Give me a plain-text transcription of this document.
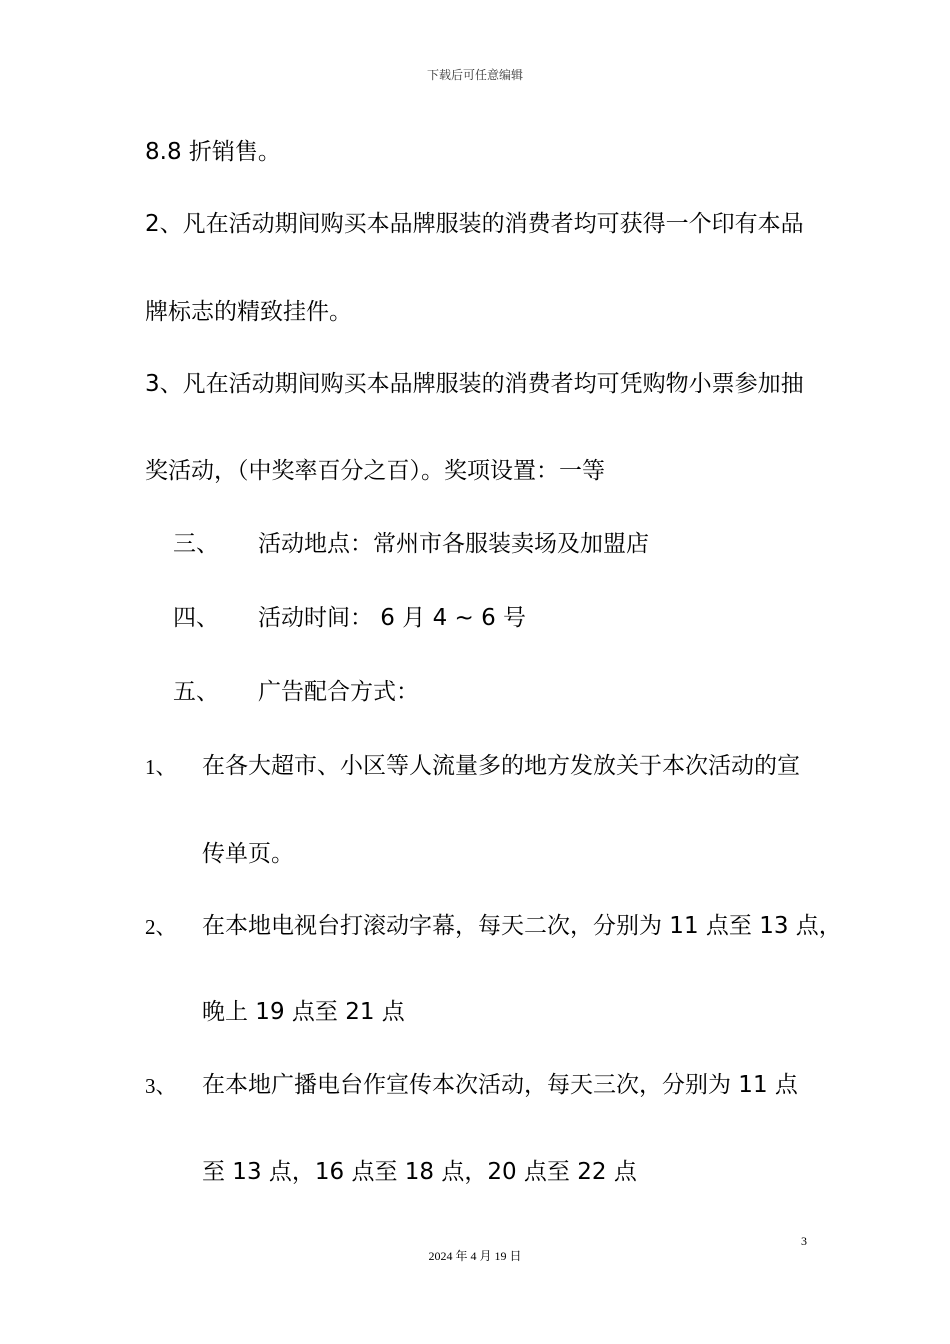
下载后可任意编辑
8.8 折销售。
2、凡在活动期间购买本品牌服装的消费者均可获得一个印有本品
牌标志的精致挂件。
3、凡在活动期间购买本品牌服装的消费者均可凭购物小票参加抽
奖活动，（中奖率百分之百）。奖项设置：一等
三、 活动地点：常州市各服装卖场及加盟店
四、 活动时间： 6 月 4 ~ 6 号
五、 广告配合方式：
1、 在各大超市、小区等人流量多的地方发放关于本次活动的宣
传单页。
2、 在本地电视台打滚动字幕，每天二次，分别为 11 点至 13 点，
晚上 19 点至 21 点
3、 在本地广播电台作宣传本次活动，每天三次，分别为 11 点
至 13 点，16 点至 18 点，20 点至 22 点
3
2024 年 4 月 19 日
